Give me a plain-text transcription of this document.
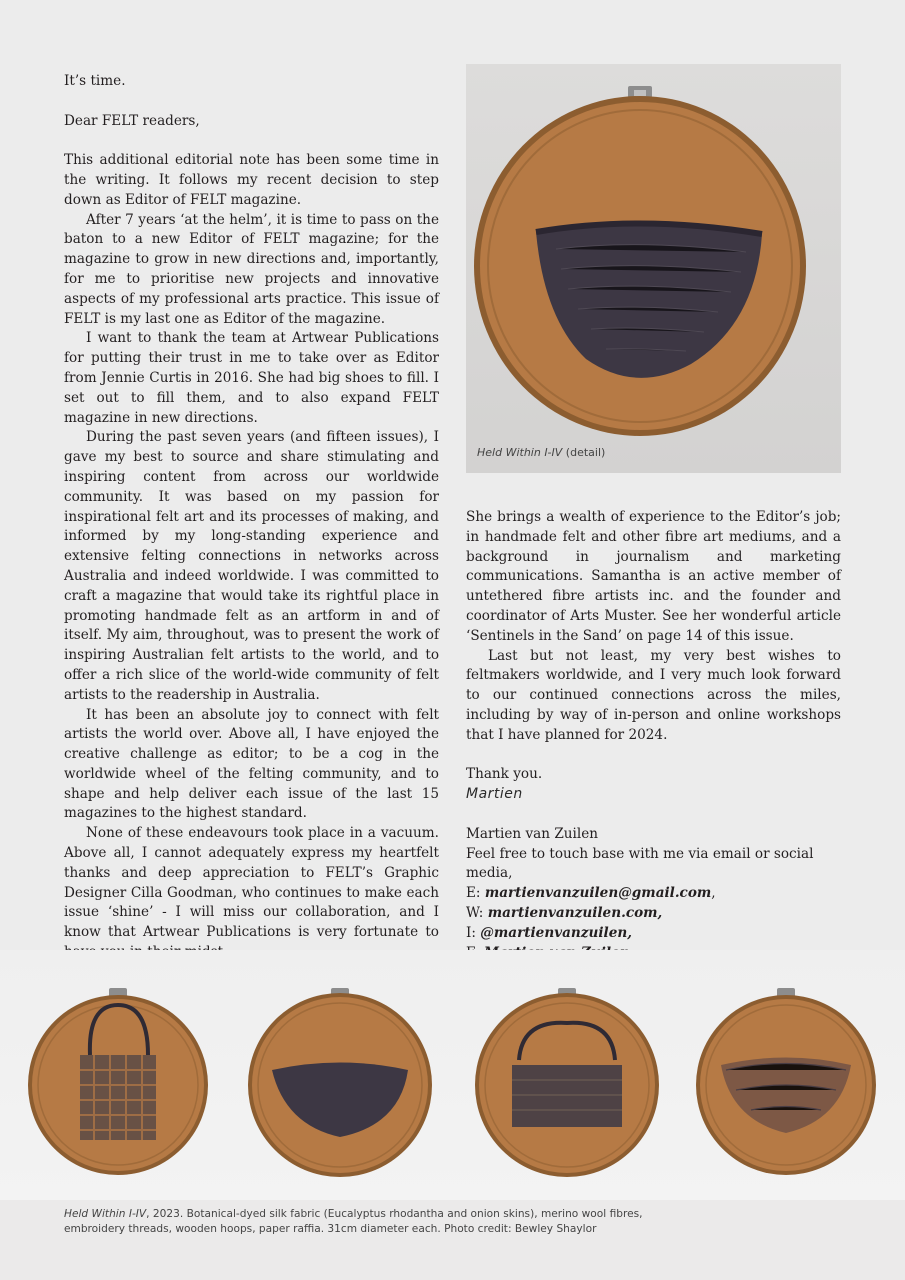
It’s time.

Dear FELT readers,

This additional editorial note has been some time in the writing. It follows my recent decision to step down as Editor of FELT magazine.

After 7 years ‘at the helm’, it is time to pass on the baton to a new Editor of FELT magazine; for the magazine to grow in new directions and, importantly, for me to prioritise new projects and innovative aspects of my professional arts practice. This issue of FELT is my last one as Editor of the magazine.

I want to thank the team at Artwear Publications for putting their trust in me to take over as Editor from Jennie Curtis in 2016. She had big shoes to fill. I set out to fill them, and to also expand FELT magazine in new directions.

During the past seven years (and fifteen issues), I gave my best to source and share stimulating and inspiring content from across our worldwide community. It was based on my passion for inspirational felt art and its processes of making, and informed by my long-standing experience and extensive felting connections in networks across Australia and indeed worldwide. I was committed to craft a magazine that would take its rightful place in promoting handmade felt as an artform in and of itself. My aim, throughout, was to present the work of inspiring Australian felt artists to the world, and to offer a rich slice of the world-wide community of felt artists to the readership in Australia.

It has been an absolute joy to connect with felt artists the world over. Above all, I have enjoyed the creative challenge as editor; to be a cog in the worldwide wheel of the felting community, and to shape and help deliver each issue of the last 15 magazines to the highest standard.

None of these endeavours took place in a vacuum. Above all, I cannot adequately express my heartfelt thanks and deep appreciation to FELT’s Graphic Designer Cilla Goodman, who continues to make each issue ‘shine’ - I will miss our collaboration, and I know that Artwear Publications is very fortunate to

Held Within I-IV (detail)

She brings a wealth of experience to the Editor’s job; in handmade felt and other fibre art mediums, and a background in journalism and marketing communications. Samantha is an active member of untethered fibre artists inc. and the founder and coordinator of Arts Muster. See her wonderful article ‘Sentinels in the Sand’ on page 14 of this issue.

Last but not least, my very best wishes to feltmakers worldwide, and I very much look forward to our continued connections across the miles, including by way of in-person and online workshops that I have planned for 2024.

Thank you.

Martien

Martien van Zuilen

Feel free to touch base with me via email or social media,

E: martienvanzuilen@gmail.com,

W: martienvanzuilen.com,

I: @martienvanzuilen,

Held Within I-IV, 2023. Botanical-dyed silk fabric (Eucalyptus rhodantha and onion skins), merino wool fibres, embroidery threads, wooden hoops, paper raffia. 31cm diameter each. Photo credit: Bewley Shaylor
